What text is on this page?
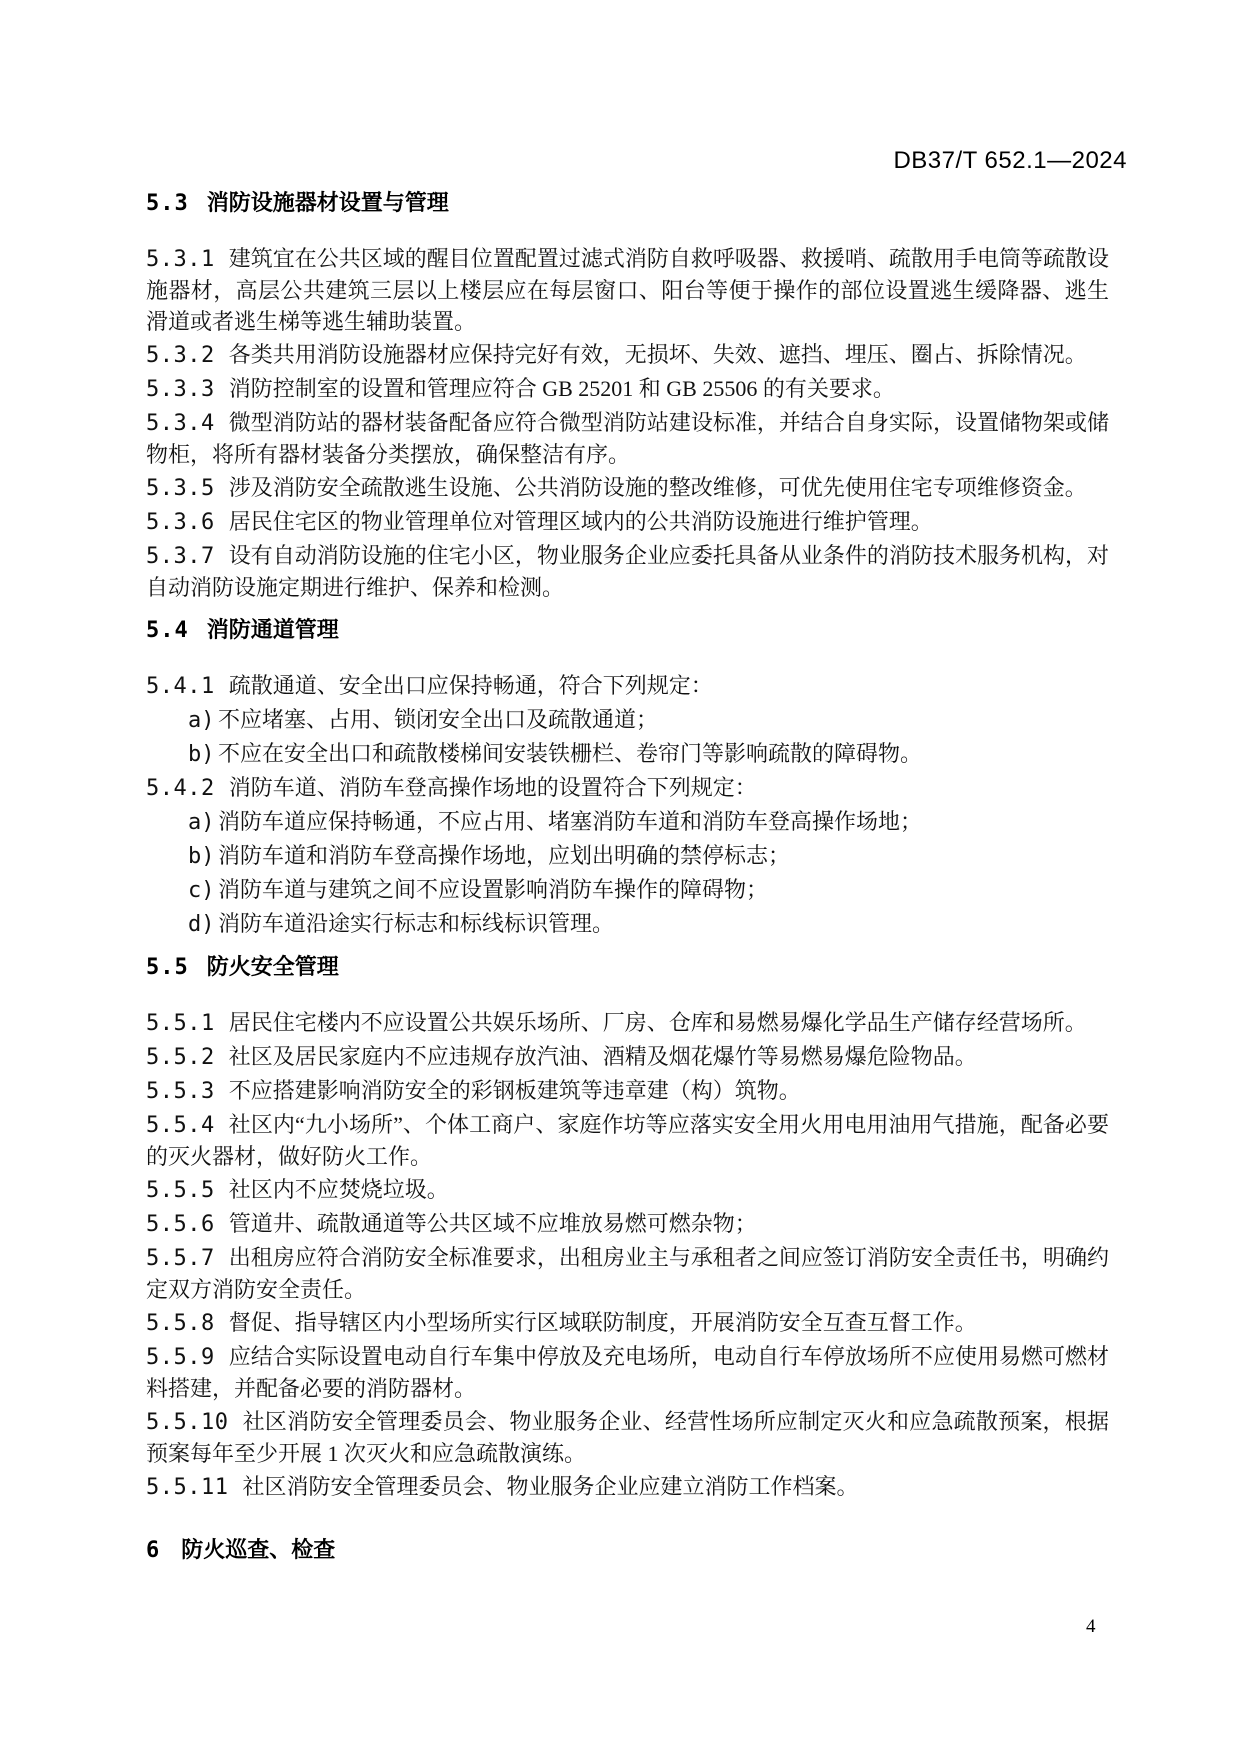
DB37/T 652.1—2024
5.3 消防设施器材设置与管理
5.3.1 建筑宜在公共区域的醒目位置配置过滤式消防自救呼吸器、救援哨、疏散用手电筒等疏散设施器材，高层公共建筑三层以上楼层应在每层窗口、阳台等便于操作的部位设置逃生缓降器、逃生滑道或者逃生梯等逃生辅助装置。
5.3.2 各类共用消防设施器材应保持完好有效，无损坏、失效、遮挡、埋压、圈占、拆除情况。
5.3.3 消防控制室的设置和管理应符合 GB 25201 和 GB 25506 的有关要求。
5.3.4 微型消防站的器材装备配备应符合微型消防站建设标准，并结合自身实际，设置储物架或储物柜，将所有器材装备分类摆放，确保整洁有序。
5.3.5 涉及消防安全疏散逃生设施、公共消防设施的整改维修，可优先使用住宅专项维修资金。
5.3.6 居民住宅区的物业管理单位对管理区域内的公共消防设施进行维护管理。
5.3.7 设有自动消防设施的住宅小区，物业服务企业应委托具备从业条件的消防技术服务机构，对自动消防设施定期进行维护、保养和检测。
5.4 消防通道管理
5.4.1 疏散通道、安全出口应保持畅通，符合下列规定：
a) 不应堵塞、占用、锁闭安全出口及疏散通道；
b) 不应在安全出口和疏散楼梯间安装铁栅栏、卷帘门等影响疏散的障碍物。
5.4.2 消防车道、消防车登高操作场地的设置符合下列规定：
a) 消防车道应保持畅通，不应占用、堵塞消防车道和消防车登高操作场地；
b) 消防车道和消防车登高操作场地，应划出明确的禁停标志；
c) 消防车道与建筑之间不应设置影响消防车操作的障碍物；
d) 消防车道沿途实行标志和标线标识管理。
5.5 防火安全管理
5.5.1 居民住宅楼内不应设置公共娱乐场所、厂房、仓库和易燃易爆化学品生产储存经营场所。
5.5.2 社区及居民家庭内不应违规存放汽油、酒精及烟花爆竹等易燃易爆危险物品。
5.5.3 不应搭建影响消防安全的彩钢板建筑等违章建（构）筑物。
5.5.4 社区内“九小场所”、个体工商户、家庭作坊等应落实安全用火用电用油用气措施，配备必要的灭火器材，做好防火工作。
5.5.5 社区内不应焚烧垃圾。
5.5.6 管道井、疏散通道等公共区域不应堆放易燃可燃杂物；
5.5.7 出租房应符合消防安全标准要求，出租房业主与承租者之间应签订消防安全责任书，明确约定双方消防安全责任。
5.5.8 督促、指导辖区内小型场所实行区域联防制度，开展消防安全互查互督工作。
5.5.9 应结合实际设置电动自行车集中停放及充电场所，电动自行车停放场所不应使用易燃可燃材料搭建，并配备必要的消防器材。
5.5.10 社区消防安全管理委员会、物业服务企业、经营性场所应制定灭火和应急疏散预案，根据预案每年至少开展 1 次灭火和应急疏散演练。
5.5.11 社区消防安全管理委员会、物业服务企业应建立消防工作档案。
6 防火巡查、检查
4
